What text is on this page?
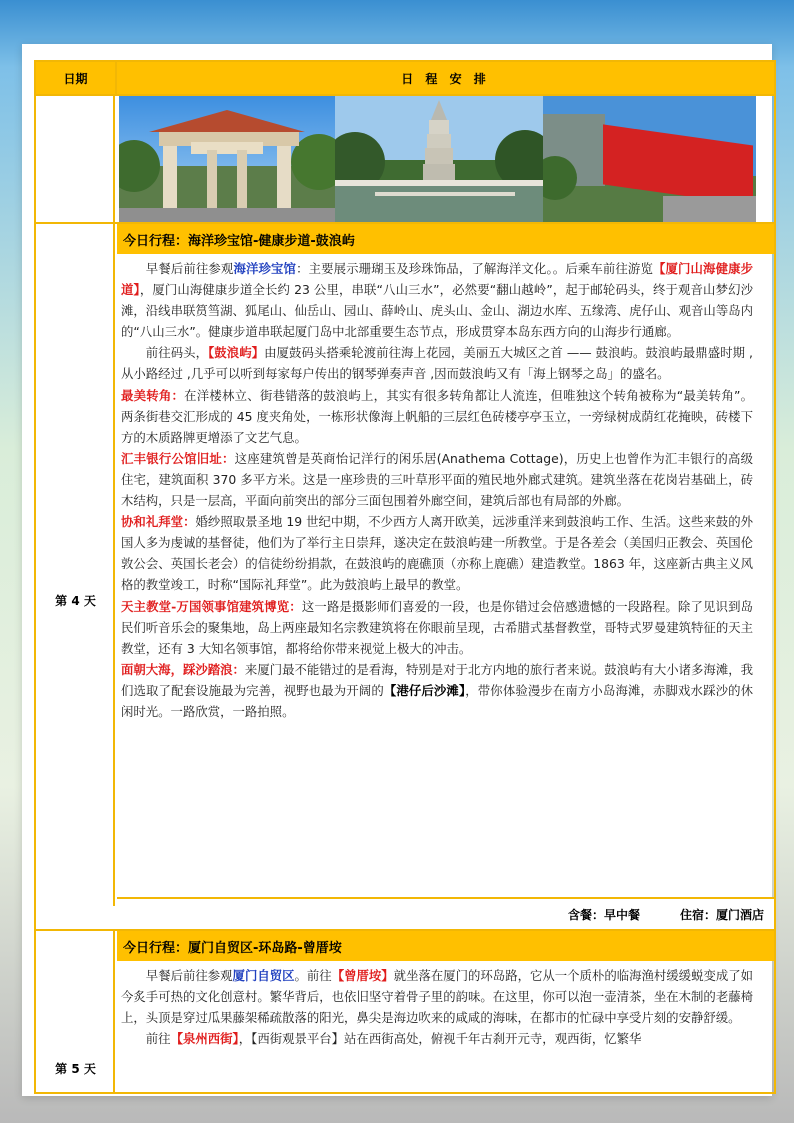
日期	日 程 安 排
第 4 天
今日行程：海洋珍宝馆-健康步道-鼓浪屿

早餐后前往参观海洋珍宝馆：主要展示珊瑚玉及珍珠饰品，了解海洋文化。。后乘车前往游览【厦门山海健康步道】，厦门山海健康步道全长约 23 公里，串联“八山三水”，必然要“翻山越岭”，起于邮轮码头，终于观音山梦幻沙滩，沿线串联筼筜湖、狐尾山、仙岳山、园山、薛岭山、虎头山、金山、湖边水库、五缘湾、虎仔山、观音山等岛内的“八山三水”。健康步道串联起厦门岛中北部重要生态节点，形成贯穿本岛东西方向的山海步行通廊。

前往码头，【鼓浪屿】由厦鼓码头搭乘轮渡前往海上花园，美丽五大城区之首 —— 鼓浪屿。鼓浪屿最鼎盛时期 ,从小路经过 ,几乎可以听到每家每户传出的钢琴弹奏声音 ,因而鼓浪屿又有「海上钢琴之岛」的盛名。

最美转角：在洋楼林立、街巷错落的鼓浪屿上，其实有很多转角都让人流连，但唯独这个转角被称为“最美转角”。两条街巷交汇形成的 45 度夹角处，一栋形状像海上帆船的三层红色砖楼亭亭玉立，一旁绿树成荫红花掩映，砖楼下方的木质路牌更增添了文艺气息。

汇丰银行公馆旧址：这座建筑曾是英商怡记洋行的闲乐居(Anathema Cottage)，历史上也曾作为汇丰银行的高级住宅，建筑面积 370 多平方米。这是一座珍贵的三叶草形平面的殖民地外廊式建筑。建筑坐落在花岗岩基础上，砖木结构，只是一层高，平面向前突出的部分三面包围着外廊空间，建筑后部也有局部的外廊。

协和礼拜堂：婚纱照取景圣地 19 世纪中期，不少西方人离开欧美，远涉重洋来到鼓浪屿工作、生活。这些来鼓的外国人多为虔诚的基督徒，他们为了举行主日崇拜，遂决定在鼓浪屿建一所教堂。于是各差会（美国归正教会、英国伦敦公会、英国长老会）的信徒纷纷捐款，在鼓浪屿的鹿礁顶（亦称上鹿礁）建造教堂。1863 年，这座新古典主义风格的教堂竣工，时称“国际礼拜堂”。此为鼓浪屿上最早的教堂。

天主教堂-万国领事馆建筑博览：这一路是摄影师们喜爱的一段，也是你错过会倍感遗憾的一段路程。除了见识到岛民们听音乐会的聚集地，岛上两座最知名宗教建筑将在你眼前呈现，古希腊式基督教堂，哥特式罗曼建筑特征的天主教堂，还有 3 大知名领事馆，都将给你带来视觉上极大的冲击。

面朝大海，踩沙踏浪：来厦门最不能错过的是看海，特别是对于北方内地的旅行者来说。鼓浪屿有大小诸多海滩，我们选取了配套设施最为完善，视野也最为开阔的【港仔后沙滩】，带你体验漫步在南方小岛海滩，赤脚戏水踩沙的休闲时光。一路欣赏，一路拍照。

含餐：早中餐	住宿：厦门酒店
第 5 天
今日行程：厦门自贸区-环岛路-曾厝垵

早餐后前往参观厦门自贸区。前往【曾厝垵】就坐落在厦门的环岛路，它从一个质朴的临海渔村缓缓蜕变成了如今炙手可热的文化创意村。繁华背后，也依旧坚守着骨子里的韵味。在这里，你可以泡一壶清茶，坐在木制的老藤椅上，头顶是穿过瓜果藤架稀疏散落的阳光，鼻尖是海边吹来的咸咸的海味，在都市的忙碌中享受片刻的安静舒缓。

前往【泉州西街】，【西街观景平台】站在西街高处，俯视千年古刹开元寺，观西街，忆繁华
